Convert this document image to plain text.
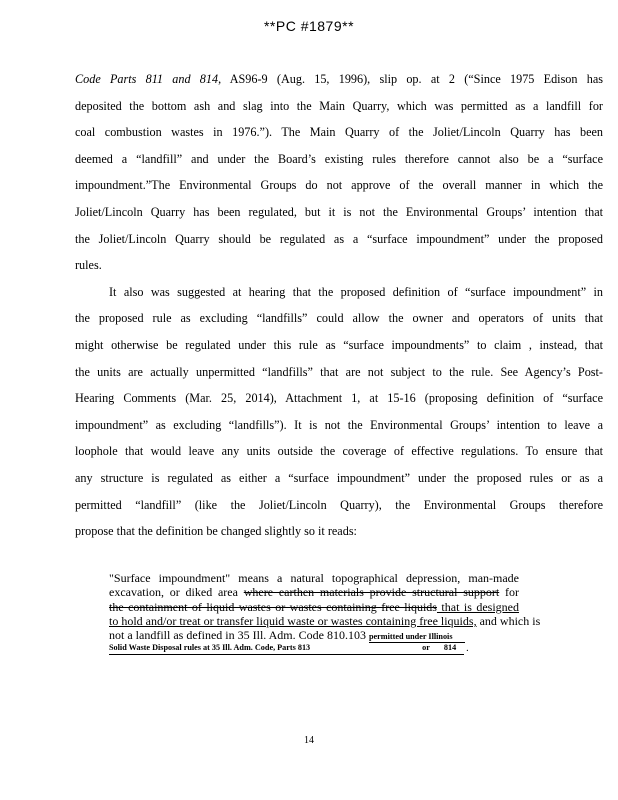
**PC #1879**
Code Parts 811 and 814, AS96-9 (Aug. 15, 1996), slip op. at 2 (“Since 1975 Edison has
deposited the bottom ash and slag into the Main Quarry, which was permitted as a landfill for
coal combustion wastes in 1976.”). The Main Quarry of the Joliet/Lincoln Quarry has been
deemed a “landfill” and under the Board’s existing rules therefore cannot also be a “surface
impoundment.”The Environmental Groups do not approve of the overall manner in which the
Joliet/Lincoln Quarry has been regulated, but it is not the Environmental Groups’ intention that
the Joliet/Lincoln Quarry should be regulated as a “surface impoundment” under the proposed
rules.
It also was suggested at hearing that the proposed definition of “surface impoundment” in
the proposed rule as excluding “landfills” could allow the owner and operators of units that
might otherwise be regulated under this rule as “surface impoundments” to claim , instead, that
the units are actually unpermitted “landfills” that are not subject to the rule. See Agency’s Post-
Hearing Comments (Mar. 25, 2014), Attachment 1, at 15-16 (proposing definition of “surface
impoundment” as excluding “landfills”). It is not the Environmental Groups’ intention to leave a
loophole that would leave any units outside the coverage of effective regulations. To ensure that
any structure is regulated as either a “surface impoundment” under the proposed rules or as a
permitted “landfill” (like the Joliet/Lincoln Quarry), the Environmental Groups therefore
propose that the definition be changed slightly so it reads:
"Surface impoundment" means a natural topographical depression, man-made
excavation, or diked area where earthen materials provide structural support for
the containment of liquid wastes or wastes containing free liquids that is designed
to hold and/or treat or transfer liquid waste or wastes containing free liquids, and which is
not a landfill as defined in 35 Ill. Adm. Code 810.103 permitted under Illinois
Solid Waste Disposal rules at 35 Ill. Adm. Code, Parts 813	or 814	.
14
